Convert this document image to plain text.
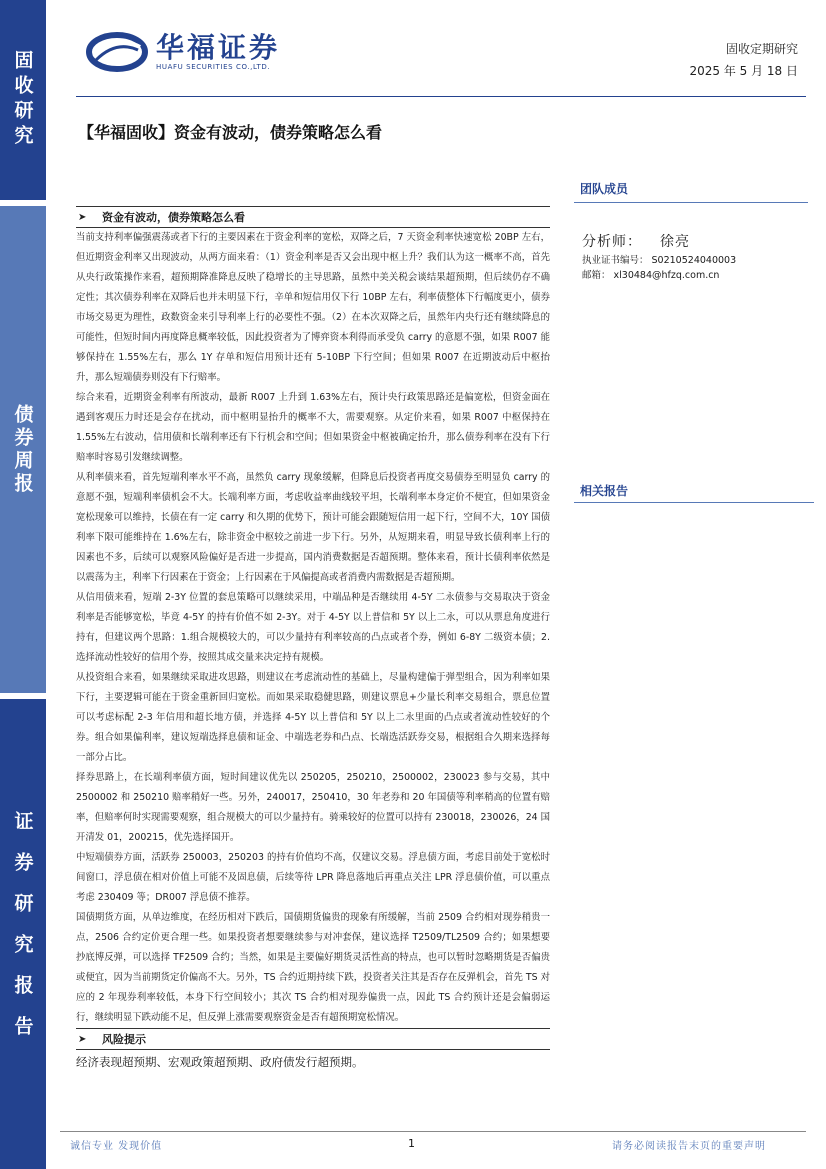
固收研究
债券周报
证券研究报告
华福证券
HUAFU SECURITIES CO.,LTD.
固收定期研究
2025 年 5 月 18 日
【华福固收】资金有波动，债券策略怎么看
➤ 资金有波动，债券策略怎么看

当前支持利率偏强震荡或者下行的主要因素在于资金利率的宽松，双降之后，7 天资金利率快速宽松 20BP 左右，但近期资金利率又出现波动，从两方面来看：（1）资金利率是否又会出现中枢上升？我们认为这一概率不高，首先从央行政策操作来看，超预期降准降息反映了稳增长的主导思路，虽然中美关税会谈结果超预期，但后续仍存不确定性；其次债券利率在双降后也并未明显下行，辛单和短信用仅下行 10BP 左右，利率债整体下行幅度更小，债券市场交易更为理性，政数资金来引导利率上行的必要性不强。（2）在本次双降之后，虽然年内央行还有继续降息的可能性，但短时间内再度降息概率较低，因此投资者为了博弈资本利得而承受负 carry 的意愿不强，如果 R007 能够保持在 1.55%左右，那么 1Y 存单和短信用预计还有 5-10BP 下行空间；但如果 R007 在近期波动后中枢抬升，那么短端债券则没有下行赔率。

综合来看，近期资金利率有所波动，最新 R007 上升到 1.63%左右，预计央行政策思路还是偏宽松，但资金面在遇到客观压力时还是会存在扰动，而中枢明显抬升的概率不大，需要观察。从定价来看，如果 R007 中枢保持在 1.55%左右波动，信用债和长端利率还有下行机会和空间；但如果资金中枢被确定抬升，那么债券利率在没有下行赔率时容易引发继续调整。

从利率债来看，首先短端利率水平不高，虽然负 carry 现象缓解，但降息后投资者再度交易债券至明显负 carry 的意愿不强，短端利率债机会不大。长端利率方面，考虑收益率曲线较平坦，长端利率本身定价不便宜，但如果资金宽松现象可以维持，长债在有一定 carry 和久期的优势下，预计可能会跟随短信用一起下行，空间不大，10Y 国债利率下限可能维持在 1.6%左右，除非资金中枢较之前进一步下行。另外，从短期来看，明显导致长债利率上行的因素也不多，后续可以观察风险偏好是否进一步提高，国内消费数据是否超预期。整体来看，预计长债利率依然是以震荡为主，利率下行因素在于资金；上行因素在于风偏提高或者消费内需数据是否超预期。

从信用债来看，短端 2-3Y 位置的套息策略可以继续采用，中端品种是否继续用 4-5Y 二永债参与交易取决于资金利率是否能够宽松，毕竟 4-5Y 的持有价值不如 2-3Y。对于 4-5Y 以上普信和 5Y 以上二永，可以从票息角度进行持有，但建议两个思路：1.组合规模较大的，可以少量持有利率较高的凸点或者个券，例如 6-8Y 二级资本债；2.选择流动性较好的信用个券，按照其成交量来决定持有规模。

从投资组合来看，如果继续采取进攻思路，则建议在考虑流动性的基础上，尽量构建偏于弹型组合，因为利率如果下行，主要逻辑可能在于资金重新回归宽松。而如果采取稳健思路，则建议票息+少量长利率交易组合，票息位置可以考虑标配 2-3 年信用和超长地方债，并选择 4-5Y 以上普信和 5Y 以上二永里面的凸点或者流动性较好的个券。组合如果偏利率，建议短端选择息债和证金、中端选老券和凸点、长端选活跃券交易，根据组合久期来选择每一部分占比。

择券思路上，在长端利率债方面，短时间建议优先以 250205，250210，2500002，230023 参与交易，其中 2500002 和 250210 赔率稍好一些。另外，240017，250410，30 年老券和 20 年国债等利率稍高的位置有赔率，但赔率何时实现需要观察，组合规模大的可以少量持有。骑乘较好的位置可以持有 230018，230026，24 国开清发 01，200215，优先选择国开。

中短端债券方面，活跃券 250003，250203 的持有价值均不高，仅建议交易。浮息债方面，考虑目前处于宽松时间窗口，浮息债在相对价值上可能不及固息债，后续等待 LPR 降息落地后再重点关注 LPR 浮息债价值，可以重点考虑 230409 等；DR007 浮息债不推荐。

国债期货方面，从单边维度，在经历相对下跌后，国债期货偏贵的现象有所缓解，当前 2509 合约相对现券稍贵一点，2506 合约定价更合理一些。如果投资者想要继续参与对冲套保，建议选择 T2509/TL2509 合约；如果想要抄底博反弹，可以选择 TF2509 合约；当然，如果是主要偏好期货灵活性高的特点，也可以暂时忽略期货是否偏贵或便宜，因为当前期货定价偏高不大。另外，TS 合约近期持续下跌，投资者关注其是否存在反弹机会，首先 TS 对应的 2 年现券利率较低，本身下行空间较小；其次 TS 合约相对现券偏贵一点，因此 TS 合约预计还是会偏弱运行，继续明显下跌动能不足，但反弹上涨需要观察资金是否有超预期宽松情况。

➤ 风险提示
经济表现超预期、宏观政策超预期、政府债发行超预期。
团队成员
分析师： 徐亮
执业证书编号： S0210524040003
邮箱： xl30484@hfzq.com.cn
相关报告
诚信专业 发现价值	1	请务必阅读报告末页的重要声明
